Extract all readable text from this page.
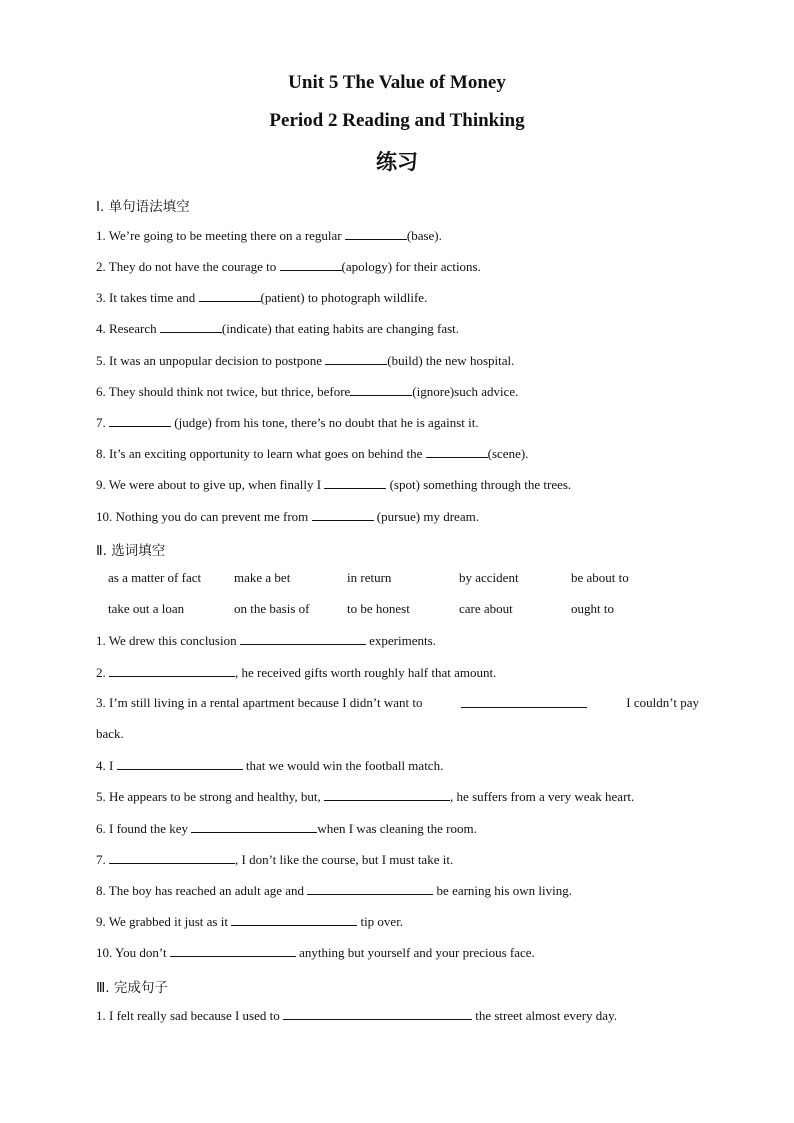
Unit 5 The Value of Money
Period 2 Reading and Thinking
练习
Ⅰ. 单句语法填空
1. We’re going to be meeting there on a regular	(base).
2. They do not have the courage to	(apology) for their actions.
3. It takes time and	(patient) to photograph wildlife.
4. Research	(indicate) that eating habits are changing fast.
5. It was an unpopular decision to postpone	(build) the new hospital.
6. They should think not twice, but thrice, before	(ignore)such advice.
7.	(judge) from his tone, there’s no doubt that he is against it.
8. It’s an exciting opportunity to learn what goes on behind the	(scene).
9. We were about to give up, when finally I	(spot) something through the trees.
10. Nothing you do can prevent me from	(pursue) my dream.
Ⅱ. 选词填空
as a matter of fact	make a bet	in return	by accident	be about to
take out a loan	on the basis of	to be honest	care about	ought to
1. We drew this conclusion	experiments.
2.	, he received gifts worth roughly half that amount.
3. I’m still living in a rental apartment because I didn’t want to	I couldn’t pay
back.
4. I	that we would win the football match.
5. He appears to be strong and healthy, but,	, he suffers from a very weak heart.
6. I found the key	when I was cleaning the room.
7.	, I don’t like the course, but I must take it.
8. The boy has reached an adult age and	be earning his own living.
9. We grabbed it just as it	tip over.
10. You don’t	anything but yourself and your precious face.
Ⅲ. 完成句子
1. I felt really sad because I used to	the street almost every day.
